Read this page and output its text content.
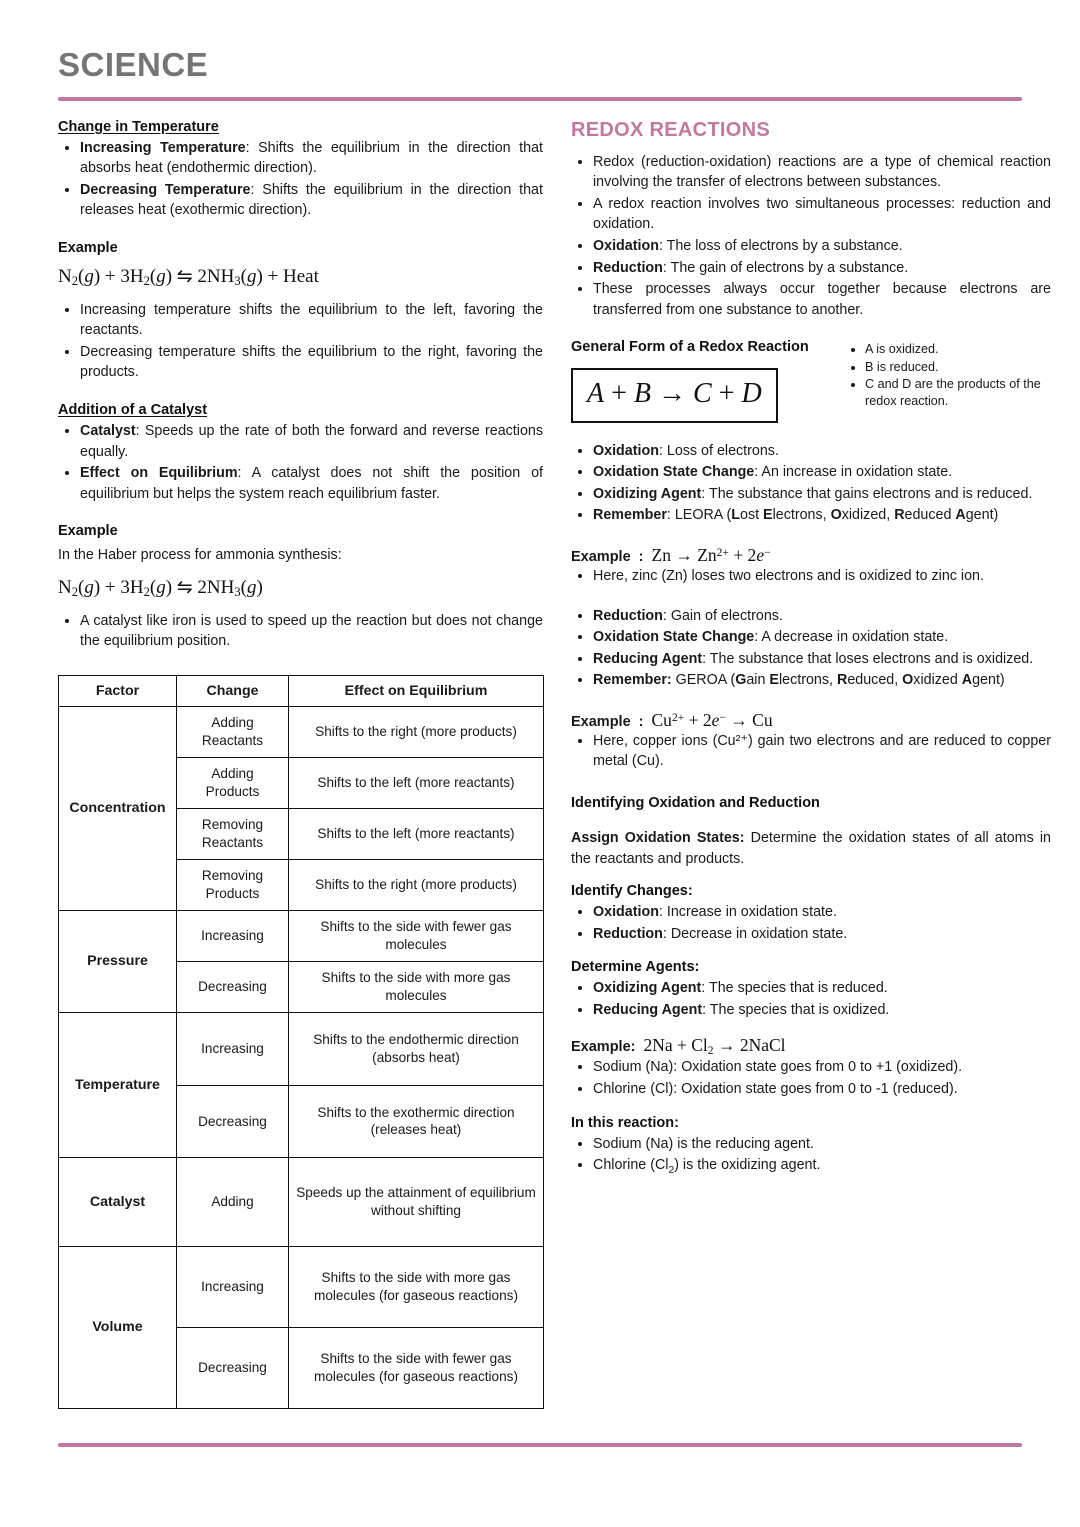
SCIENCE
Change in Temperature
• Increasing Temperature: Shifts the equilibrium in the direction that absorbs heat (endothermic direction).
• Decreasing Temperature: Shifts the equilibrium in the direction that releases heat (exothermic direction).
Example
$N_2(g) + 3H_2(g)$ ⇋ $2NH_3(g)$ + Heat
• Increasing temperature shifts the equilibrium to the left, favoring the reactants.
• Decreasing temperature shifts the equilibrium to the right, favoring the products.
Addition of a Catalyst
• Catalyst: Speeds up the rate of both the forward and reverse reactions equally.
• Effect on Equilibrium: A catalyst does not shift the position of equilibrium but helps the system reach equilibrium faster.
Example

In the Haber process for ammonia synthesis:

$N_2(g) + 3H_2(g)$ ⇋ $2NH_3(g)$
• A catalyst like iron is used to speed up the reaction but does not change the equilibrium position.
Factor	Change	Effect on Equilibrium
Concentration	Adding Reactants	Shifts to the right (more products)
	Adding Products	Shifts to the left (more reactants)
	Removing Reactants	Shifts to the left (more reactants)
	Removing Products	Shifts to the right (more products)
Pressure	Increasing	Shifts to the side with fewer gas molecules
	Decreasing	Shifts to the side with more gas molecules
Temperature	Increasing	Shifts to the endothermic direction (absorbs heat)
	Decreasing	Shifts to the exothermic direction (releases heat)
Catalyst	Adding	Speeds up the attainment of equilibrium without shifting
Volume	Increasing	Shifts to the side with more gas molecules (for gaseous reactions)
	Decreasing	Shifts to the side with fewer gas molecules (for gaseous reactions)
REDOX REACTIONS
• Redox (reduction-oxidation) reactions are a type of chemical reaction involving the transfer of electrons between substances.
• A redox reaction involves two simultaneous processes: reduction and oxidation.
• Oxidation: The loss of electrons by a substance.
• Reduction: The gain of electrons by a substance.
• These processes always occur together because electrons are transferred from one substance to another.
General Form of a Redox Reaction
A + B → C + D
• A is oxidized.
• B is reduced.
• C and D are the products of the redox reaction.
• Oxidation: Loss of electrons.
• Oxidation State Change: An increase in oxidation state.
• Oxidizing Agent: The substance that gains electrons and is reduced.
• Remember: LEORA (Lost Electrons, Oxidized, Reduced Agent)
Example : $Zn \to Zn^{2+} + 2e^-$
• Here, zinc (Zn) loses two electrons and is oxidized to zinc ion.
• Reduction: Gain of electrons.
• Oxidation State Change: A decrease in oxidation state.
• Reducing Agent: The substance that loses electrons and is oxidized.
• Remember: GEROA (Gain Electrons, Reduced, Oxidized Agent)
Example : $Cu^{2+} + 2e^- \to Cu$
• Here, copper ions (Cu²⁺) gain two electrons and are reduced to copper metal (Cu).
Identifying Oxidation and Reduction

Assign Oxidation States: Determine the oxidation states of all atoms in the reactants and products.

Identify Changes:
• Oxidation: Increase in oxidation state.
• Reduction: Decrease in oxidation state.
Determine Agents:
• Oxidizing Agent: The species that is reduced.
• Reducing Agent: The species that is oxidized.
Example: $2Na + Cl_2$ → 2NaCl
• Sodium (Na): Oxidation state goes from 0 to +1 (oxidized).
• Chlorine (Cl): Oxidation state goes from 0 to -1 (reduced).
In this reaction:
• Sodium (Na) is the reducing agent.
• Chlorine $(Cl_2)$ is the oxidizing agent.
